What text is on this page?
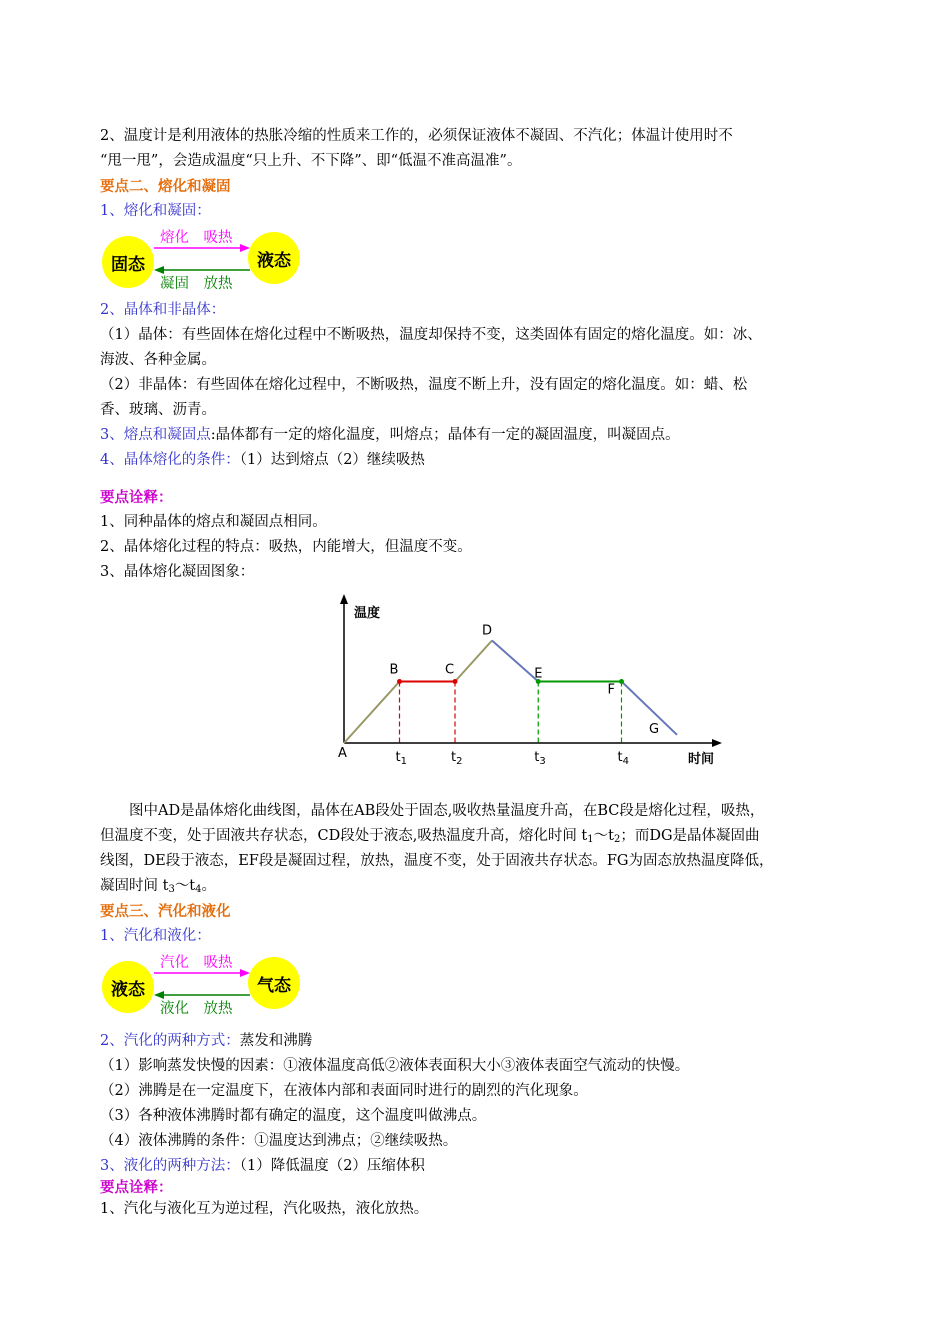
2、温度计是利用液体的热胀冷缩的性质来工作的，必须保证液体不凝固、不汽化；体温计使用时不
“甩一甩”，会造成温度“只上升、不下降”、即“低温不准高温准”。
要点二、熔化和凝固
1、熔化和凝固：
固态	液态
熔化　吸热
凝固　放热
2、晶体和非晶体：
（1）晶体：有些固体在熔化过程中不断吸热，温度却保持不变，这类固体有固定的熔化温度。如：冰、
海波、各种金属。
（2）非晶体：有些固体在熔化过程中，不断吸热，温度不断上升，没有固定的熔化温度。如：蜡、松
香、玻璃、沥青。
3、熔点和凝固点:晶体都有一定的熔化温度，叫熔点；晶体有一定的凝固温度，叫凝固点。
4、晶体熔化的条件：（1）达到熔点（2）继续吸热
要点诠释：
1、同种晶体的熔点和凝固点相同。
2、晶体熔化过程的特点：吸热，内能增大，但温度不变。
3、晶体熔化凝固图象：
温度
时间
$t_1$	$t_2$	$t_3$	$t_4$
A
B	C
D
E
F
G
图中AD是晶体熔化曲线图，晶体在AB段处于固态,吸收热量温度升高，在BC段是熔化过程，吸热，
但温度不变，处于固液共存状态，CD段处于液态,吸热温度升高，熔化时间 $t_1\sim t_2$；而DG是晶体凝固曲
线图，DE段于液态，EF段是凝固过程，放热，温度不变，处于固液共存状态。FG为固态放热温度降低，
凝固时间 $t_3\sim t_4$。
要点三、汽化和液化
1、汽化和液化：
液态	气态
汽化　吸热
液化　放热
2、汽化的两种方式：蒸发和沸腾
（1）影响蒸发快慢的因素：①液体温度高低②液体表面积大小③液体表面空气流动的快慢。
（2）沸腾是在一定温度下，在液体内部和表面同时进行的剧烈的汽化现象。
（3）各种液体沸腾时都有确定的温度，这个温度叫做沸点。
（4）液体沸腾的条件：①温度达到沸点；②继续吸热。
3、液化的两种方法：（1）降低温度（2）压缩体积
要点诠释：
1、汽化与液化互为逆过程，汽化吸热，液化放热。
